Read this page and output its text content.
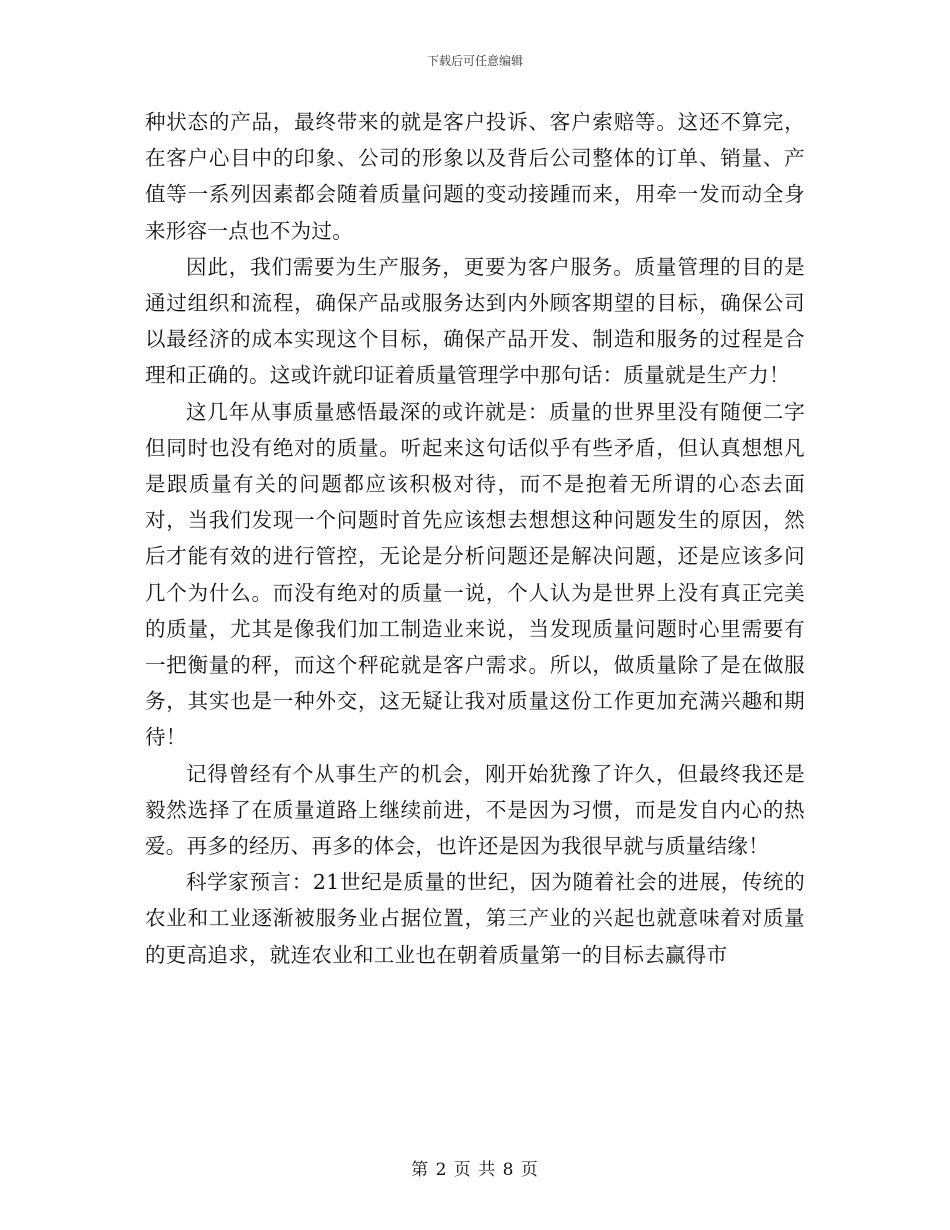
下载后可任意编辑

种状态的产品，最终带来的就是客户投诉、客户索赔等。这还不算完，在客户心目中的印象、公司的形象以及背后公司整体的订单、销量、产值等一系列因素都会随着质量问题的变动接踵而来，用牵一发而动全身来形容一点也不为过。

因此，我们需要为生产服务，更要为客户服务。质量管理的目的是通过组织和流程，确保产品或服务达到内外顾客期望的目标，确保公司以最经济的成本实现这个目标，确保产品开发、制造和服务的过程是合理和正确的。这或许就印证着质量管理学中那句话：质量就是生产力！

这几年从事质量感悟最深的或许就是：质量的世界里没有随便二字但同时也没有绝对的质量。听起来这句话似乎有些矛盾，但认真想想凡是跟质量有关的问题都应该积极对待，而不是抱着无所谓的心态去面对，当我们发现一个问题时首先应该想去想想这种问题发生的原因，然后才能有效的进行管控，无论是分析问题还是解决问题，还是应该多问几个为什么。而没有绝对的质量一说，个人认为是世界上没有真正完美的质量，尤其是像我们加工制造业来说，当发现质量问题时心里需要有一把衡量的秤，而这个秤砣就是客户需求。所以，做质量除了是在做服务，其实也是一种外交，这无疑让我对质量这份工作更加充满兴趣和期待！

记得曾经有个从事生产的机会，刚开始犹豫了许久，但最终我还是毅然选择了在质量道路上继续前进，不是因为习惯，而是发自内心的热爱。再多的经历、再多的体会，也许还是因为我很早就与质量结缘！

科学家预言：21世纪是质量的世纪，因为随着社会的进展，传统的农业和工业逐渐被服务业占据位置，第三产业的兴起也就意味着对质量的更高追求，就连农业和工业也在朝着质量第一的目标去赢得市

第 2 页 共 8 页
